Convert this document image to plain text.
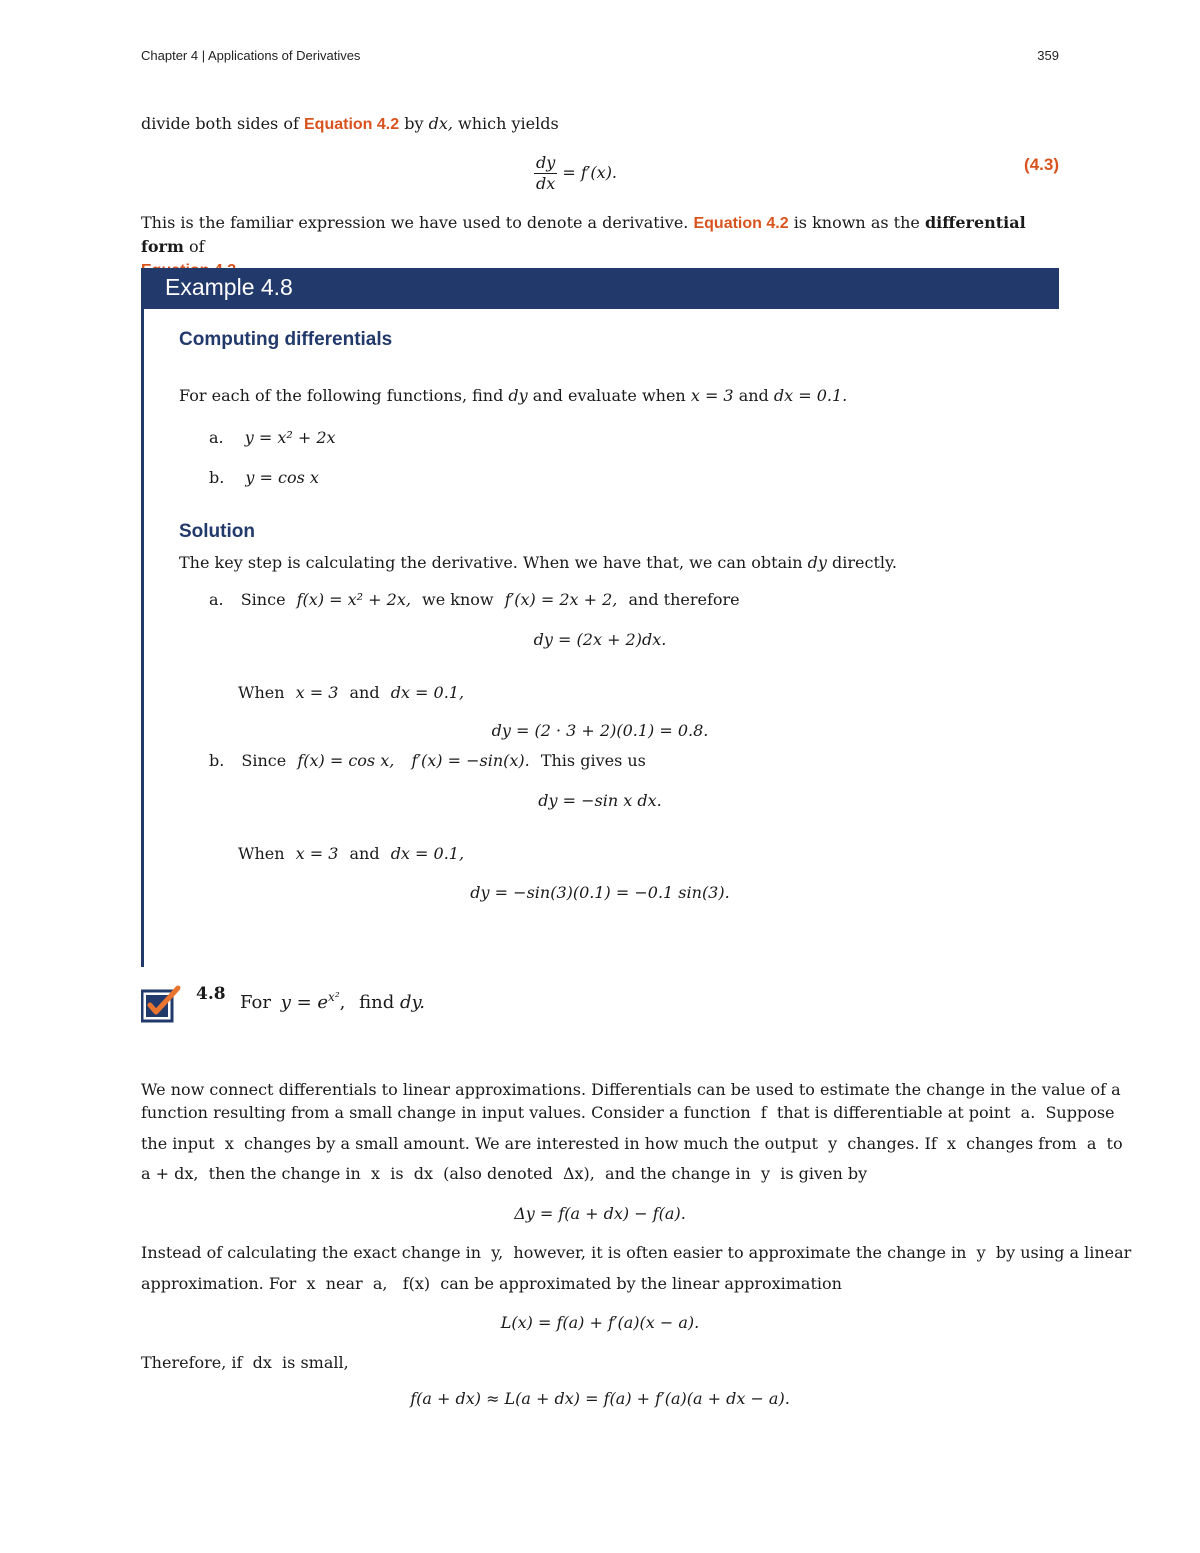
Chapter 4 | Applications of Derivatives	359
divide both sides of Equation 4.2 by dx, which yields
$\frac{dy}{dx} = f'(x)$.	(4.3)
This is the familiar expression we have used to denote a derivative. Equation 4.2 is known as the differential form of

Example 4.8
Computing differentials
For each of the following functions, find dy and evaluate when x = 3 and dx = 0.1.
a. y = x² + 2x
b. y = cos x
Solution
The key step is calculating the derivative. When we have that, we can obtain dy directly.
a. Since f(x) = x² + 2x, we know f′(x) = 2x + 2, and therefore
dy = (2x + 2)dx.
When x = 3 and dx = 0.1,
dy = (2 · 3 + 2)(0.1) = 0.8.
b. Since f(x) = cos x, f′(x) = −sin(x). This gives us
dy = −sin x dx.
When x = 3 and dx = 0.1,
dy = −sin(3)(0.1) = −0.1 sin(3).
4.8 For $y = e^{x^2}$, find dy.
We now connect differentials to linear approximations. Differentials can be used to estimate the change in the value of a
function resulting from a small change in input values. Consider a function  f  that is differentiable at point  a.  Suppose
the input  x  changes by a small amount. We are interested in how much the output  y  changes. If  x  changes from  a  to
a + dx,  then the change in  x  is  dx  (also denoted  Δx),  and the change in  y  is given by
Δy = f(a + dx) − f(a).
Instead of calculating the exact change in  y,  however, it is often easier to approximate the change in  y  by using a linear
approximation. For  x  near  a,   f(x)  can be approximated by the linear approximation
L(x) = f(a) + f′(a)(x − a).
Therefore, if  dx  is small,
f(a + dx) ≈ L(a + dx) = f(a) + f′(a)(a + dx − a).
